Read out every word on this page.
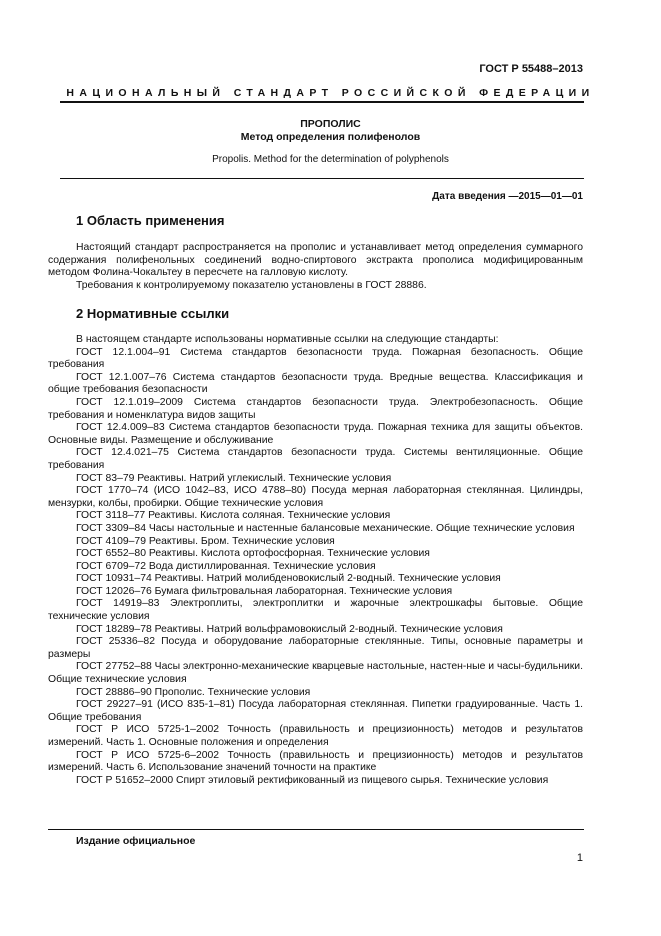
ГОСТ Р 55488–2013
НАЦИОНАЛЬНЫЙ СТАНДАРТ РОССИЙСКОЙ ФЕДЕРАЦИИ
ПРОПОЛИС
Метод определения полифенолов
Propolis. Method for the determination of polyphenols
Дата введения —2015—01—01
1 Область применения

Настоящий стандарт распространяется на прополис и устанавливает метод определения суммарного содержания полифенольных соединений водно-спиртового экстракта прополиса модифицированным методом Фолина-Чокальтеу в пересчете на галловую кислоту.

Требования к контролируемому показателю установлены в ГОСТ 28886.

2 Нормативные ссылки

В настоящем стандарте использованы нормативные ссылки на следующие стандарты:

ГОСТ 12.1.004–91 Система стандартов безопасности труда. Пожарная безопасность. Общие требования

ГОСТ 12.1.007–76 Система стандартов безопасности труда. Вредные вещества. Классификация и общие требования безопасности

ГОСТ 12.1.019–2009 Система стандартов безопасности труда. Электробезопасность. Общие требования и номенклатура видов защиты

ГОСТ 12.4.009–83 Система стандартов безопасности труда. Пожарная техника для защиты объектов. Основные виды. Размещение и обслуживание

ГОСТ 12.4.021–75 Система стандартов безопасности труда. Системы вентиляционные. Общие требования

ГОСТ 83–79 Реактивы. Натрий углекислый. Технические условия

ГОСТ 1770–74 (ИСО 1042–83, ИСО 4788–80) Посуда мерная лабораторная стеклянная. Цилиндры, мензурки, колбы, пробирки. Общие технические условия

ГОСТ 3118–77 Реактивы. Кислота соляная. Технические условия

ГОСТ 3309–84 Часы настольные и настенные балансовые механические. Общие технические условия

ГОСТ 4109–79 Реактивы. Бром. Технические условия

ГОСТ 6552–80 Реактивы. Кислота ортофосфорная. Технические условия

ГОСТ 6709–72 Вода дистиллированная. Технические условия

ГОСТ 10931–74 Реактивы. Натрий молибденовокислый 2-водный. Технические условия

ГОСТ 12026–76 Бумага фильтровальная лабораторная. Технические условия

ГОСТ 14919–83 Электроплиты, электроплитки и жарочные электрошкафы бытовые. Общие технические условия

ГОСТ 18289–78 Реактивы. Натрий вольфрамовокислый 2-водный. Технические условия

ГОСТ 25336–82 Посуда и оборудование лабораторные стеклянные. Типы, основные параметры и размеры

ГОСТ 27752–88 Часы электронно-механические кварцевые настольные, настен-ные и часы-будильники. Общие технические условия

ГОСТ 28886–90 Прополис. Технические условия

ГОСТ 29227–91 (ИСО 835-1–81) Посуда лабораторная стеклянная. Пипетки градуированные. Часть 1. Общие требования

ГОСТ Р ИСО 5725-1–2002 Точность (правильность и прецизионность) методов и результатов измерений. Часть 1. Основные положения и определения

ГОСТ Р ИСО 5725-6–2002 Точность (правильность и прецизионность) методов и результатов измерений. Часть 6. Использование значений точности на практике

ГОСТ Р 51652–2000 Спирт этиловый ректификованный из пищевого сырья. Технические условия

Издание официальное
1
